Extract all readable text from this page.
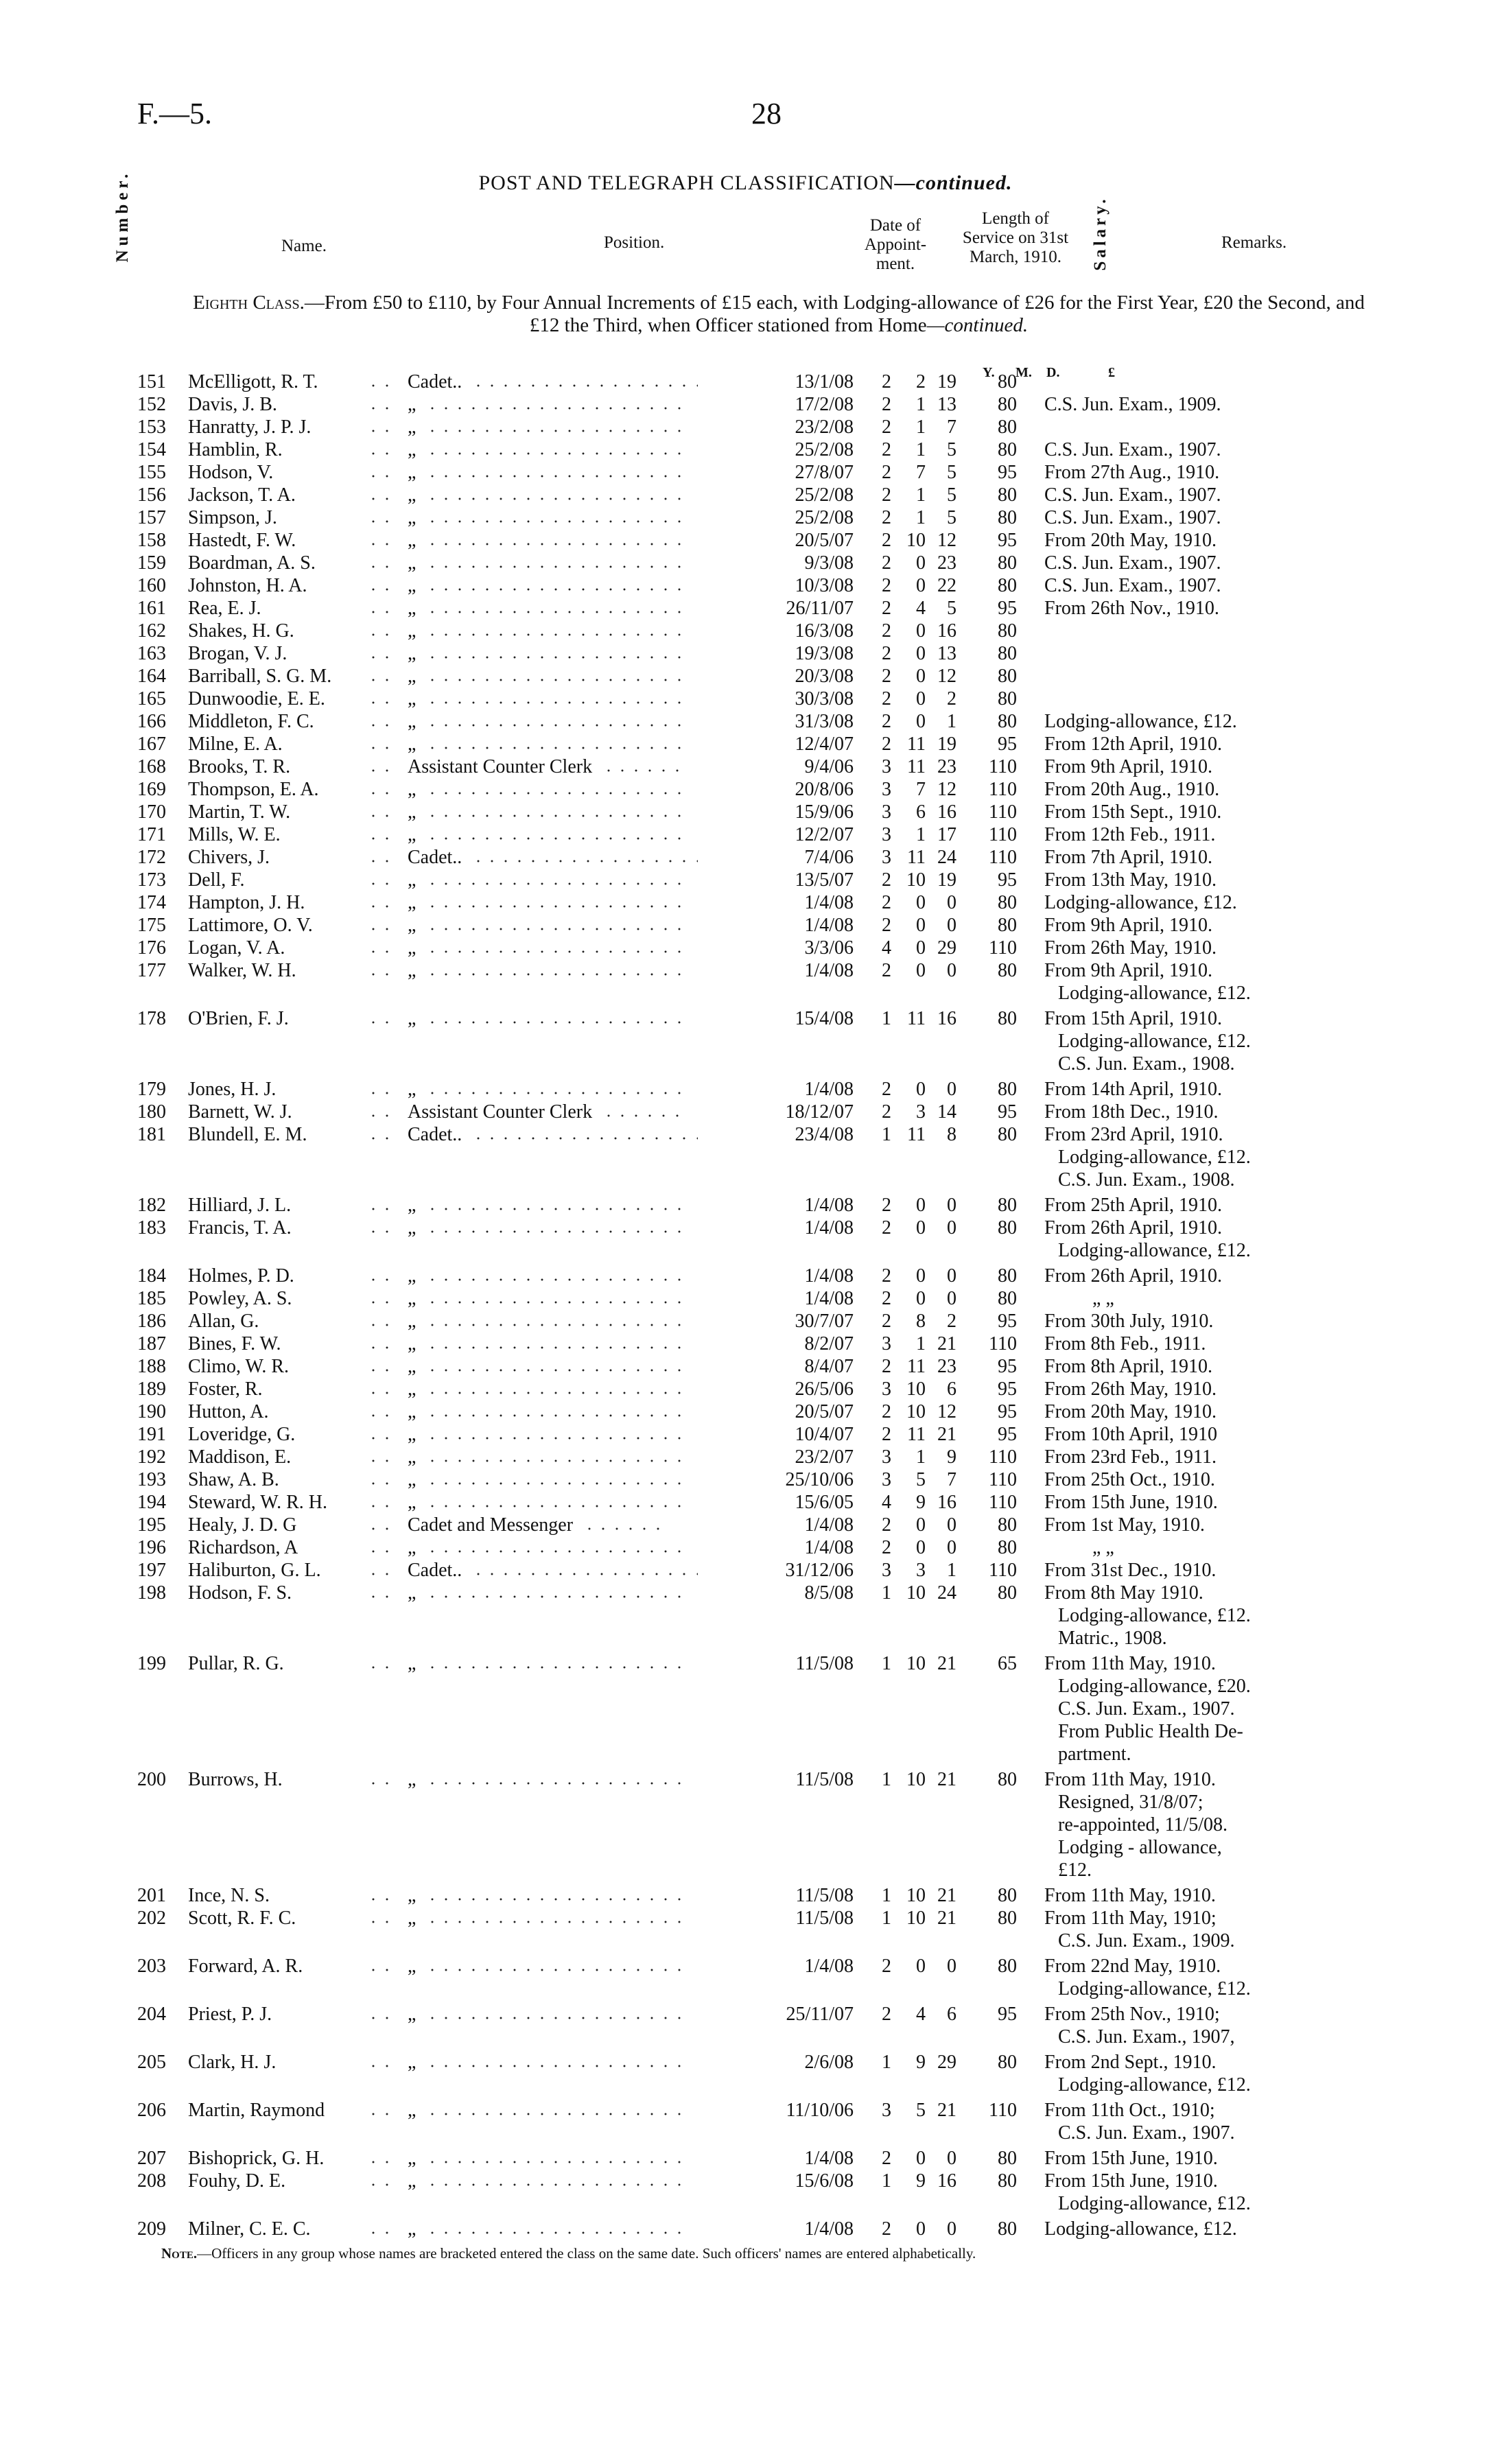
F.—5.	28
POST AND TELEGRAPH CLASSIFICATION—continued.
Number.	Name.	Position.
Date of Appoint-ment.
Length of Service on 31st March, 1910.	Salary.	Remarks.
Eighth Class.—From £50 to £110, by Four Annual Increments of £15 each, with Lodging-allowance of £26 for the First Year, £20 the Second, and £12 the Third, when Officer stationed from Home—continued.
Y. M. D.	£
151	McElligott, R. T.	Cadet..	13/1/08	2	2 19	80
152	Davis, J. B.	„	17/2/08	2	1 13	80 C.S. Jun. Exam., 1909.
153	Hanratty, J. P. J.	„	23/2/08	2	1	7	80
154	Hamblin, R.	„	25/2/08	2	1	5	80 C.S. Jun. Exam., 1907.
155	Hodson, V.	„	27/8/07	2	7	5	95 From 27th Aug., 1910.
156	Jackson, T. A.	„	25/2/08	2	1	5	80 C.S. Jun. Exam., 1907.
157	Simpson, J.	„	25/2/08	2	1	5	80 C.S. Jun. Exam., 1907.
158	Hastedt, F. W.	„	20/5/07	2 10 12	95 From 20th May, 1910.
159	Boardman, A. S.	„	9/3/08	2	0 23	80 C.S. Jun. Exam., 1907.
160	Johnston, H. A.	„	10/3/08	2	0 22	80 C.S. Jun. Exam., 1907.
161	Rea, E. J.	„	26/11/07	2	4	5	95 From 26th Nov., 1910.
162	Shakes, H. G.	„	16/3/08	2	0 16	80
163	Brogan, V. J.	„	19/3/08	2	0 13	80
164	Barriball, S. G. M.	„	20/3/08	2	0 12	80
165	Dunwoodie, E. E.	„	30/3/08	2	0	2	80
166	Middleton, F. C.	„	31/3/08	2	0	1	80 Lodging-allowance, £12.
167	Milne, E. A.	„	12/4/07	2 11 19	95 From 12th April, 1910.
168	Brooks, T. R.	Assistant Counter Clerk	9/4/06	3 11 23	110 From 9th April, 1910.
169	Thompson, E. A.	„	20/8/06	3	7 12	110 From 20th Aug., 1910.
170	Martin, T. W.	„	15/9/06	3	6 16	110 From 15th Sept., 1910.
171	Mills, W. E.	„	12/2/07	3	1 17	110 From 12th Feb., 1911.
172	Chivers, J.	Cadet..	7/4/06	3 11 24	110 From 7th April, 1910.
173	Dell, F.	„	13/5/07	2 10 19	95 From 13th May, 1910.
174	Hampton, J. H.	„	1/4/08	2	0	0	80 Lodging-allowance, £12.
175	Lattimore, O. V.	„	1/4/08	2	0	0	80 From 9th April, 1910.
176	Logan, V. A.	„	3/3/06	4	0 29	110 From 26th May, 1910.
177	Walker, W. H.	„	1/4/08	2	0	0	80 From 9th April, 1910.
Lodging-allowance, £12.
178	O'Brien, F. J.	„	15/4/08	1 11 16	80 From 15th April, 1910.
Lodging-allowance, £12.
C.S. Jun. Exam., 1908.
179	Jones, H. J.	„	1/4/08	2	0	0	80 From 14th April, 1910.
180	Barnett, W. J.	Assistant Counter Clerk	18/12/07	2	3 14	95 From 18th Dec., 1910.
181	Blundell, E. M.	Cadet..	23/4/08	1 11	8	80 From 23rd April, 1910.
Lodging-allowance, £12.
C.S. Jun. Exam., 1908.
182	Hilliard, J. L.	„	1/4/08	2	0	0	80 From 25th April, 1910.
183	Francis, T. A.	„	1/4/08	2	0	0	80 From 26th April, 1910.
Lodging-allowance, £12.
184	Holmes, P. D.	„	1/4/08	2	0	0	80 From 26th April, 1910.
185	Powley, A. S.	„	1/4/08	2	0	0	80	„ „
186	Allan, G.	„	30/7/07	2	8	2	95 From 30th July, 1910.
187	Bines, F. W.	„	8/2/07	3	1 21	110 From 8th Feb., 1911.
188	Climo, W. R.	„	8/4/07	2 11 23	95 From 8th April, 1910.
189	Foster, R.	„	26/5/06	3 10	6	95 From 26th May, 1910.
190	Hutton, A.	„	20/5/07	2 10 12	95 From 20th May, 1910.
191	Loveridge, G.	„	10/4/07	2 11 21	95 From 10th April, 1910
192	Maddison, E.	„	23/2/07	3	1	9	110 From 23rd Feb., 1911.
193	Shaw, A. B.	„	25/10/06	3	5	7	110 From 25th Oct., 1910.
194	Steward, W. R. H.	„	15/6/05	4	9 16	110 From 15th June, 1910.
195	Healy, J. D. G	Cadet and Messenger	1/4/08	2	0	0	80 From 1st May, 1910.
196	Richardson, A	„	1/4/08	2	0	0	80	„ „
197	Haliburton, G. L.	Cadet..	31/12/06	3	3	1	110 From 31st Dec., 1910.
198	Hodson, F. S.	„	8/5/08	1 10 24	80 From 8th May 1910.
Lodging-allowance, £12.
Matric., 1908.
199	Pullar, R. G.	„	11/5/08	1 10 21	65 From 11th May, 1910.
Lodging-allowance, £20.
C.S. Jun. Exam., 1907.
From Public Health De-
partment.
200	Burrows, H.	„	11/5/08	1 10 21	80 From 11th May, 1910.
Resigned, 31/8/07;
re-appointed, 11/5/08.
Lodging - allowance,
£12.
201	Ince, N. S.	„	11/5/08	1 10 21	80 From 11th May, 1910.
202	Scott, R. F. C.	„	11/5/08	1 10 21	80 From 11th May, 1910;
C.S. Jun. Exam., 1909.
203	Forward, A. R.	„	1/4/08	2	0	0	80 From 22nd May, 1910.
Lodging-allowance, £12.
204	Priest, P. J.	„	25/11/07	2	4	6	95 From 25th Nov., 1910;
C.S. Jun. Exam., 1907,
205	Clark, H. J.	„	2/6/08	1	9 29	80 From 2nd Sept., 1910.
Lodging-allowance, £12.
206	Martin, Raymond	„	11/10/06	3	5 21	110 From 11th Oct., 1910;
C.S. Jun. Exam., 1907.
207	Bishoprick, G. H.	„	1/4/08	2	0	0	80 From 15th June, 1910.
208	Fouhy, D. E.	„	15/6/08	1	9 16	80 From 15th June, 1910.
Lodging-allowance, £12.
209	Milner, C. E. C.	„	1/4/08	2	0	0	80 Lodging-allowance, £12.
Note.—Officers in any group whose names are bracketed entered the class on the same date. Such officers' names are entered alphabetically.
